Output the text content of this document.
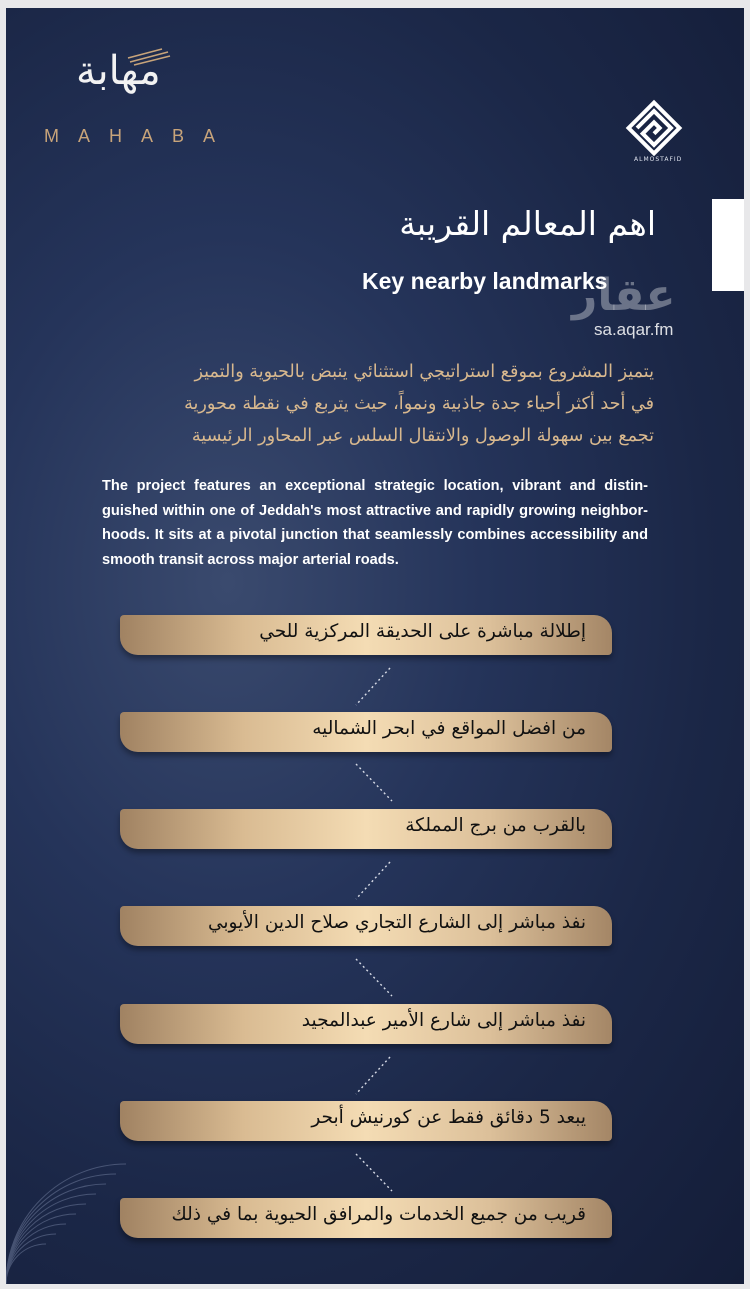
مهابة
MAHABA
ALMOSTAFID
اهم المعالم القريبة
Key nearby landmarks
عقار
sa.aqar.fm
يتميز المشروع بموقع استراتيجي استثنائي ينبض بالحيوية والتميز
في أحد أكثر أحياء جدة جاذبية ونمواً، حيث يتربع في نقطة محورية
تجمع بين سهولة الوصول والانتقال السلس عبر المحاور الرئيسية
The project features an exceptional strategic location, vibrant and distin-
guished within one of Jeddah's most attractive and rapidly growing neighbor-
hoods. It sits at a pivotal junction that seamlessly combines accessibility and
smooth transit across major arterial roads.
إطلالة مباشرة على الحديقة المركزية للحي
من افضل المواقع في ابحر الشماليه
بالقرب من برج المملكة
نفذ مباشر إلى الشارع التجاري صلاح الدين الأيوبي
نفذ مباشر إلى شارع الأمير عبدالمجيد
يبعد 5 دقائق فقط عن كورنيش أبحر
قريب من جميع الخدمات والمرافق الحيوية بما في ذلك
